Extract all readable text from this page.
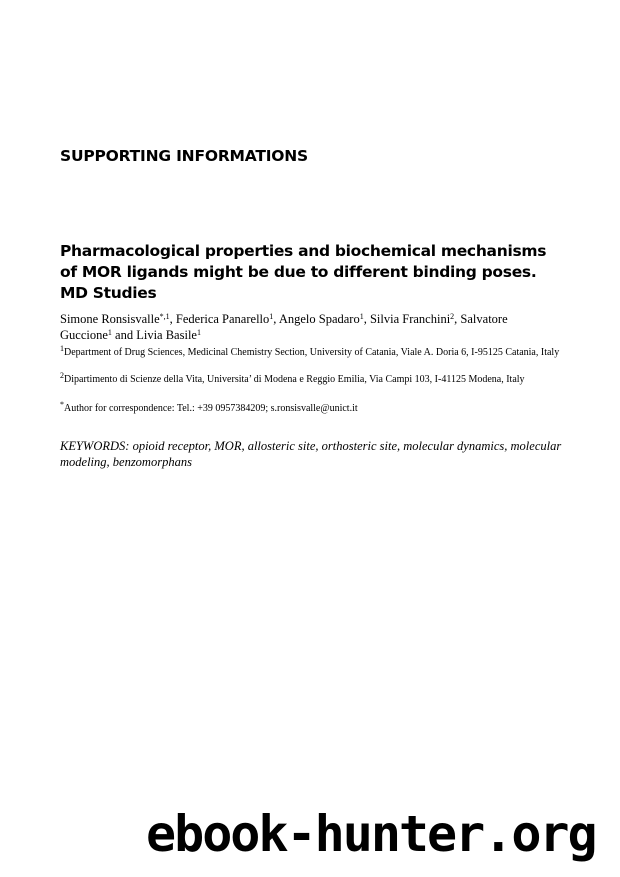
SUPPORTING INFORMATIONS
Pharmacological properties and biochemical mechanisms of MOR ligands might be due to different binding poses. MD Studies
Simone Ronsisvalle$^{*,1}$, Federica Panarello$^1$, Angelo Spadaro$^1$, Silvia Franchini$^2$, Salvatore Guccione$^1$ and Livia Basile$^1$
$^1$Department of Drug Sciences, Medicinal Chemistry Section, University of Catania, Viale A. Doria 6, I-95125 Catania, Italy
$^2$Dipartimento di Scienze della Vita, Universita’ di Modena e Reggio Emilia, Via Campi 103, I-41125 Modena, Italy
*Author for correspondence: Tel.: +39 0957384209; s.ronsisvalle@unict.it
KEYWORDS: opioid receptor, MOR, allosteric site, orthosteric site, molecular dynamics, molecular modeling, benzomorphans
ebook-hunter.org
